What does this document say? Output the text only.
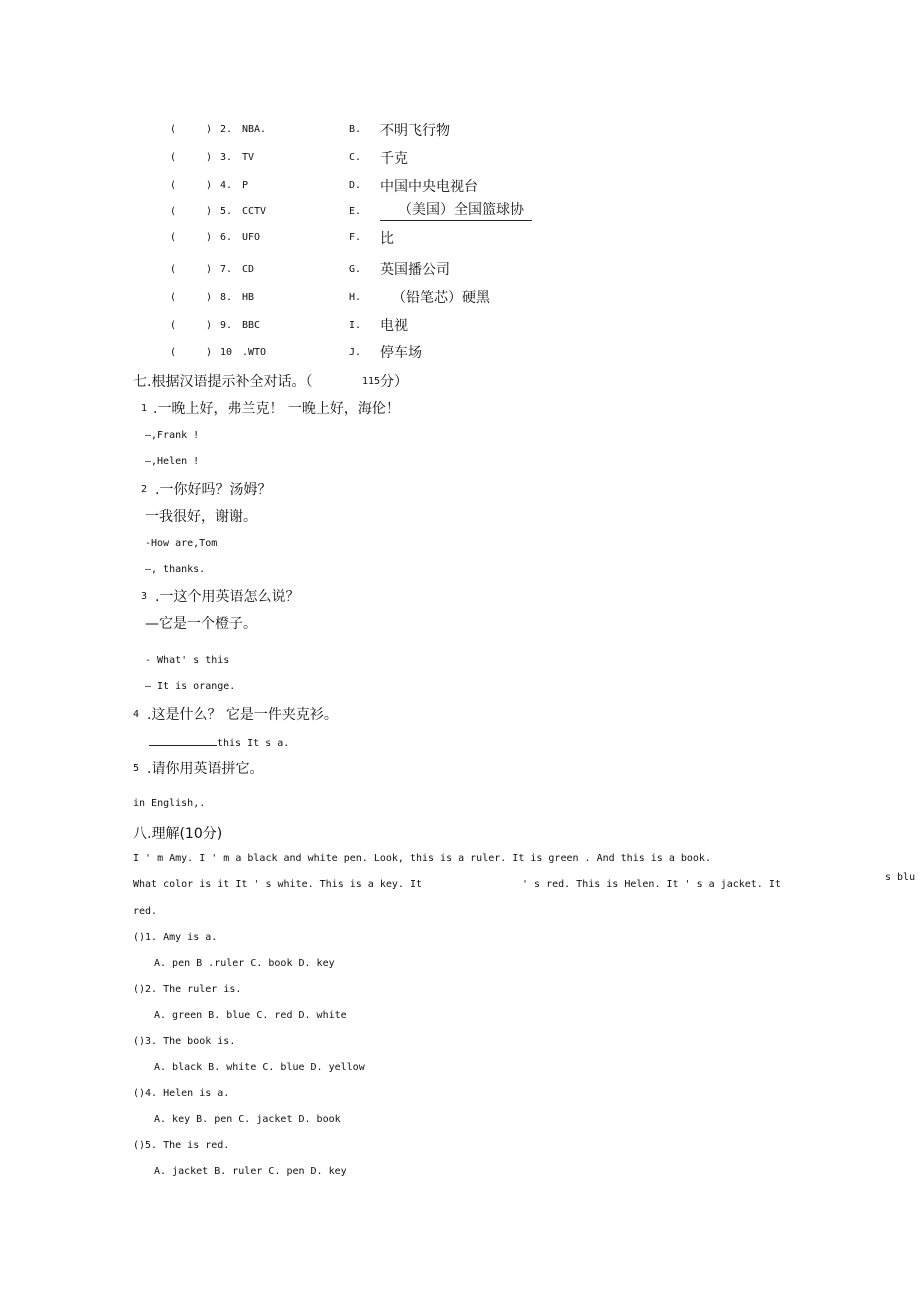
(	) 2. NBA.	B. 不明飞行物
(	) 3. TV	C. 千克
(	) 4. P	D. 中国中央电视台
(	) 5. CCTV	E.	（美国）全国篮球协
(	) 6. UFO	F. 比
(	) 7. CD	G. 英国播公司
(	) 8. HB	H. （铅笔芯）硬黑
(	) 9. BBC	I. 电视
(	) 10 .WTO	J. 停车场
七.根据汉语提示补全对话。（	115 分）
1 .一晚上好，弗兰克！ 一晚上好，海伦！
—,Frank !
—,Helen !
2 .一你好吗？汤姆？
一我很好，谢谢。
-How are,Tom
—, thanks.
3 .一这个用英语怎么说？
—它是一个橙子。
- What' s this
— It is orange.
4 .这是什么？ 它是一件夹克衫。
this It s a.
5 .请你用英语拼它。
in English,.
八.理解(10分)
I ' m Amy. I ' m a black and white pen. Look, this is a ruler. It is green . And this is a book.
What color is it It ' s white. This is a key. It	' s red. This is Helen. It ' s a jacket. It
s blu
red.
()1. Amy is a.
A. pen B .ruler C. book D. key
()2. The ruler is.
A. green B. blue C. red D. white
()3. The book is.
A. black B. white C. blue D. yellow
()4. Helen is a.
A. key B. pen C. jacket D. book
()5. The is red.
A. jacket B. ruler C. pen D. key
